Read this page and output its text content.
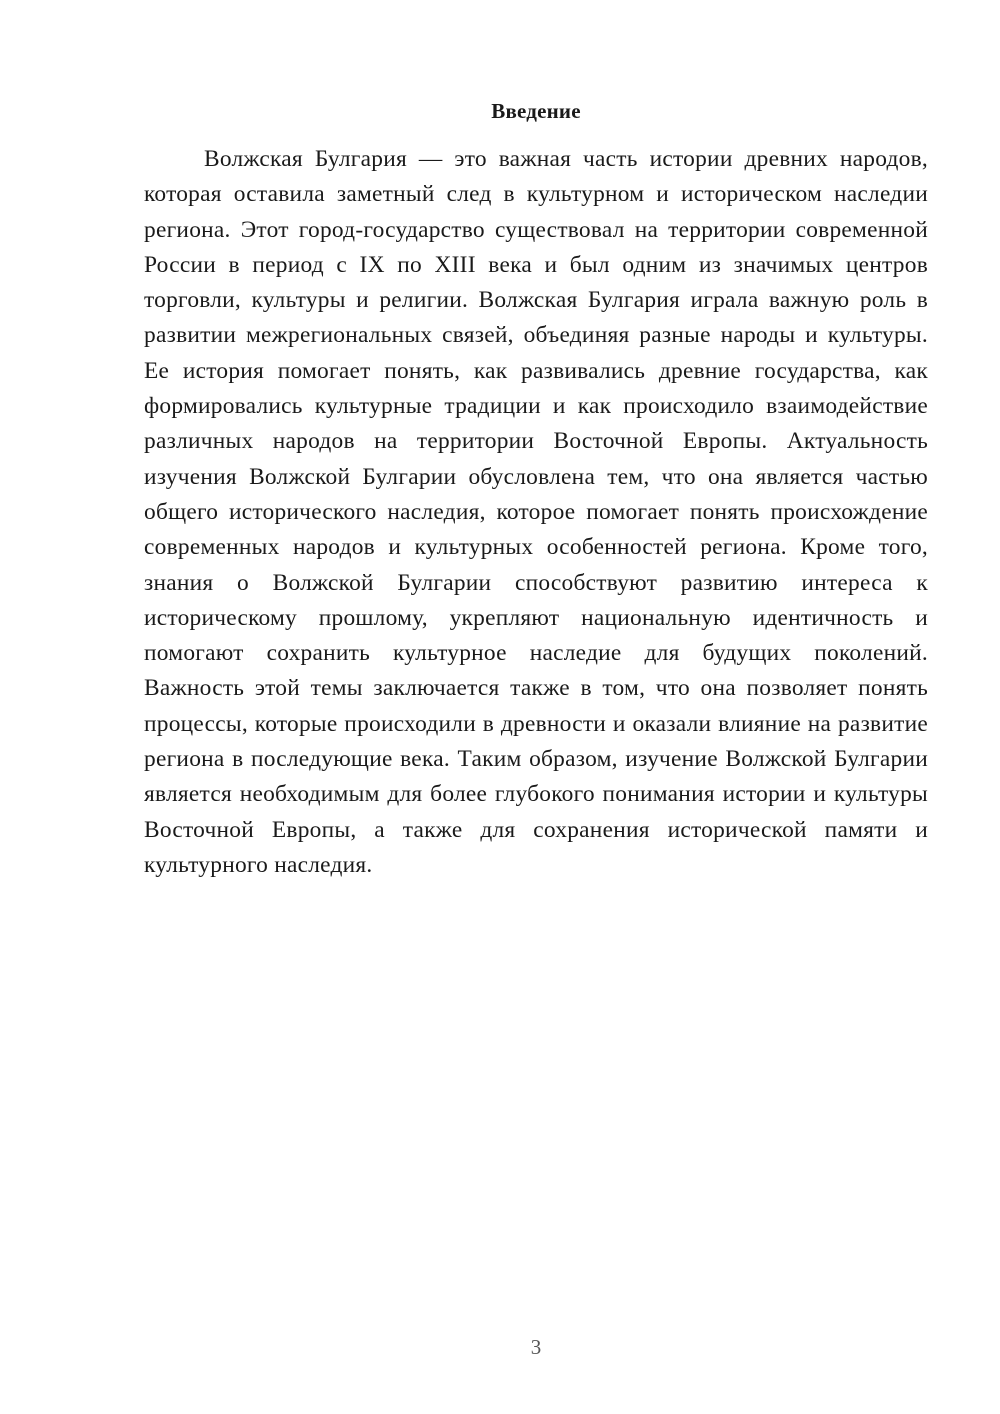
Введение

Волжская Булгария — это важная часть истории древних народов, которая оставила заметный след в культурном и историческом наследии региона. Этот город-государство существовал на территории современной России в период с IX по XIII века и был одним из значимых центров торговли, культуры и религии. Волжская Булгария играла важную роль в развитии межрегиональных связей, объединяя разные народы и культуры. Ее история помогает понять, как развивались древние государства, как формировались культурные традиции и как происходило взаимодействие различных народов на территории Восточной Европы. Актуальность изучения Волжской Булгарии обусловлена тем, что она является частью общего исторического наследия, которое помогает понять происхождение современных народов и культурных особенностей региона. Кроме того, знания о Волжской Булгарии способствуют развитию интереса к историческому прошлому, укрепляют национальную идентичность и помогают сохранить культурное наследие для будущих поколений. Важность этой темы заключается также в том, что она позволяет понять процессы, которые происходили в древности и оказали влияние на развитие региона в последующие века. Таким образом, изучение Волжской Булгарии является необходимым для более глубокого понимания истории и культуры Восточной Европы, а также для сохранения исторической памяти и культурного наследия.

3
